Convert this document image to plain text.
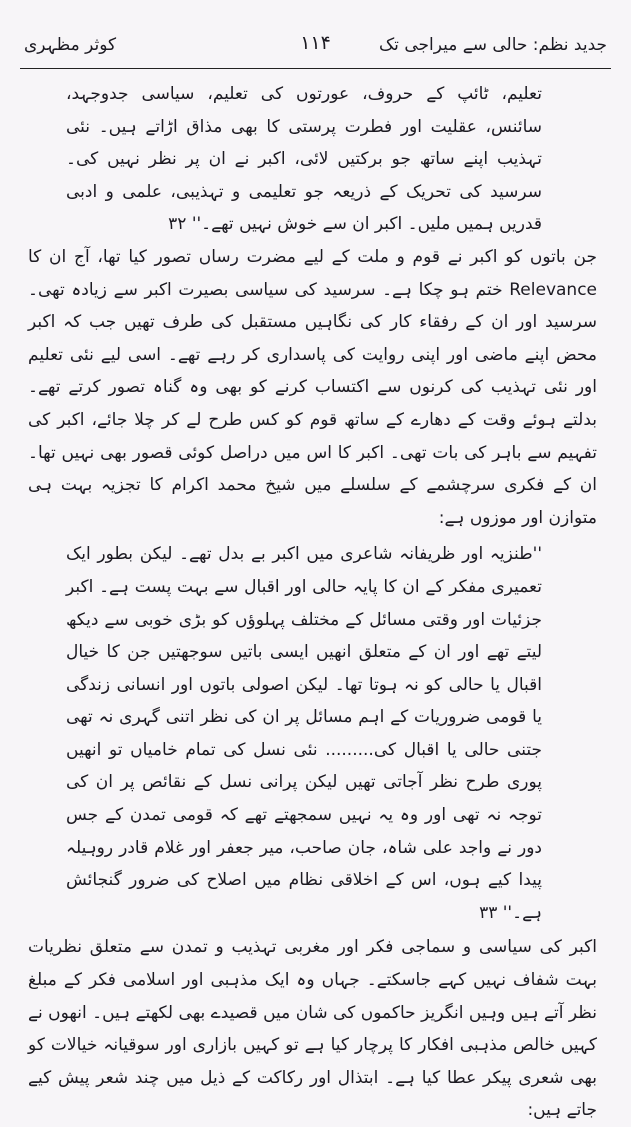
جدید نظم: حالی سے میراجی تک
۱۱۴
کوثر مظہری

تعلیم، ٹائپ کے حروف، عورتوں کی تعلیم، سیاسی جدوجہد، سائنس، عقلیت اور فطرت پرستی کا بھی مذاق اڑاتے ہیں۔ نئی تہذیب اپنے ساتھ جو برکتیں لائی، اکبر نے ان پر نظر نہیں کی۔ سرسید کی تحریک کے ذریعہ جو تعلیمی و تہذیبی، علمی و ادبی قدریں ہمیں ملیں۔ اکبر ان سے خوش نہیں تھے۔'' ۳۲

جن باتوں کو اکبر نے قوم و ملت کے لیے مضرت رساں تصور کیا تھا، آج ان کا Relevance ختم ہو چکا ہے۔ سرسید کی سیاسی بصیرت اکبر سے زیادہ تھی۔ سرسید اور ان کے رفقاء کار کی نگاہیں مستقبل کی طرف تھیں جب کہ اکبر محض اپنے ماضی اور اپنی روایت کی پاسداری کر رہے تھے۔ اسی لیے نئی تعلیم اور نئی تہذیب کی کرنوں سے اکتساب کرنے کو بھی وہ گناہ تصور کرتے تھے۔ بدلتے ہوئے وقت کے دھارے کے ساتھ قوم کو کس طرح لے کر چلا جائے، اکبر کی تفہیم سے باہر کی بات تھی۔ اکبر کا اس میں دراصل کوئی قصور بھی نہیں تھا۔ ان کے فکری سرچشمے کے سلسلے میں شیخ محمد اکرام کا تجزیہ بہت ہی متوازن اور موزوں ہے:

''طنزیہ اور ظریفانہ شاعری میں اکبر بے بدل تھے۔ لیکن بطور ایک تعمیری مفکر کے ان کا پایہ حالی اور اقبال سے بہت پست ہے۔ اکبر جزئیات اور وقتی مسائل کے مختلف پہلوؤں کو بڑی خوبی سے دیکھ لیتے تھے اور ان کے متعلق انھیں ایسی باتیں سوجھتیں جن کا خیال اقبال یا حالی کو نہ ہوتا تھا۔ لیکن اصولی باتوں اور انسانی زندگی یا قومی ضروریات کے اہم مسائل پر ان کی نظر اتنی گہری نہ تھی جتنی حالی یا اقبال کی......... نئی نسل کی تمام خامیاں تو انھیں پوری طرح نظر آجاتی تھیں لیکن پرانی نسل کے نقائص پر ان کی توجہ نہ تھی اور وہ یہ نہیں سمجھتے تھے کہ قومی تمدن کے جس دور نے واجد علی شاہ، جان صاحب، میر جعفر اور غلام قادر روہیلہ پیدا کیے ہوں، اس کے اخلاقی نظام میں اصلاح کی ضرور گنجائش ہے۔'' ۳۳

اکبر کی سیاسی و سماجی فکر اور مغربی تہذیب و تمدن سے متعلق نظریات بہت شفاف نہیں کہے جاسکتے۔ جہاں وہ ایک مذہبی اور اسلامی فکر کے مبلغ نظر آتے ہیں وہیں انگریز حاکموں کی شان میں قصیدے بھی لکھتے ہیں۔ انھوں نے کہیں خالص مذہبی افکار کا پرچار کیا ہے تو کہیں بازاری اور سوقیانہ خیالات کو بھی شعری پیکر عطا کیا ہے۔ ابتذال اور رکاکت کے ذیل میں چند شعر پیش کیے جاتے ہیں:
